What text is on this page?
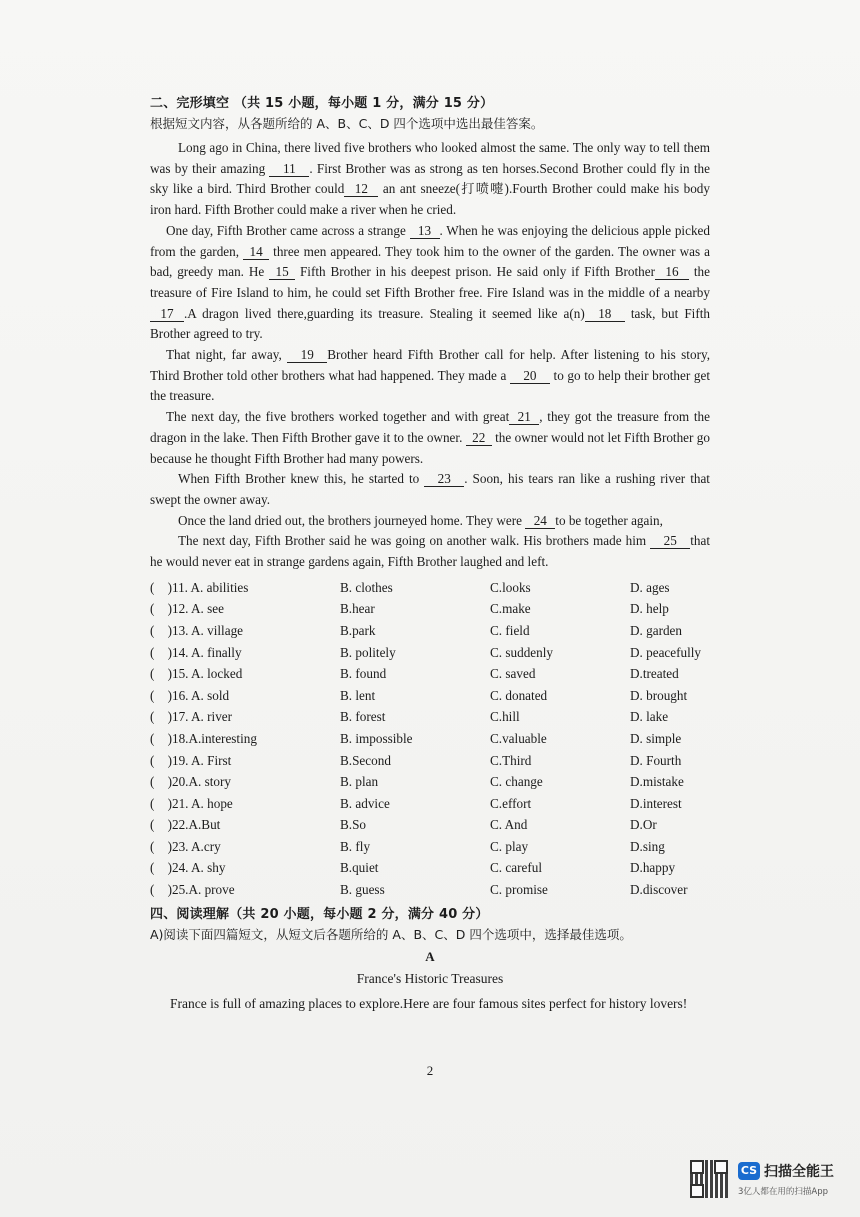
二、完形填空 （共 15 小题，每小题 1 分，满分 15 分）
根据短文内容，从各题所给的 A、B、C、D 四个选项中选出最佳答案。

Long ago in China, there lived five brothers who looked almost the same. The only way to tell them was by their amazing 11 . First Brother was as strong as ten horses.Second Brother could fly in the sky like a bird. Third Brother could 12 an ant sneeze(打喷嚏).Fourth Brother could make his body iron hard. Fifth Brother could make a river when he cried.

One day, Fifth Brother came across a strange 13 . When he was enjoying the delicious apple picked from the garden, 14 three men appeared. They took him to the owner of the garden. The owner was a bad, greedy man. He 15 Fifth Brother in his deepest prison. He said only if Fifth Brother 16 the treasure of Fire Island to him, he could set Fifth Brother free. Fire Island was in the middle of a nearby 17 .A dragon lived there,guarding its treasure. Stealing it seemed like a(n) 18 task, but Fifth Brother agreed to try.

That night, far away, 19 Brother heard Fifth Brother call for help. After listening to his story, Third Brother told other brothers what had happened. They made a 20 to go to help their brother get the treasure.

The next day, the five brothers worked together and with great 21 , they got the treasure from the dragon in the lake. Then Fifth Brother gave it to the owner. 22 the owner would not let Fifth Brother go because he thought Fifth Brother had many powers.

When Fifth Brother knew this, he started to 23 . Soon, his tears ran like a rushing river that swept the owner away.

Once the land dried out, the brothers journeyed home. They were 24 to be together again,

The next day, Fifth Brother said he was going on another walk. His brothers made him 25 that he would never eat in strange gardens again, Fifth Brother laughed and left.

(　)11. A. abilities	B. clothes	C.looks	D. ages
(　)12. A. see	B.hear	C.make	D. help
(　)13. A. village	B.park	C. field	D. garden
(　)14. A. finally	B. politely	C. suddenly	D. peacefully
(　)15. A. locked	B. found	C. saved	D.treated
(　)16. A. sold	B. lent	C. donated	D. brought
(　)17. A. river	B. forest	C.hill	D. lake
(　)18.A.interesting	B. impossible	C.valuable	D. simple
(　)19. A. First	B.Second	C.Third	D. Fourth
(　)20.A. story	B. plan	C. change	D.mistake
(　)21. A. hope	B. advice	C.effort	D.interest
(　)22.A.But	B.So	C. And	D.Or
(　)23. A.cry	B. fly	C. play	D.sing
(　)24. A. shy	B.quiet	C. careful	D.happy
(　)25.A. prove	B. guess	C. promise	D.discover
四、阅读理解（共 20 小题，每小题 2 分，满分 40 分）
A)阅读下面四篇短文，从短文后各题所给的 A、B、C、D 四个选项中，选择最佳选项。
A
France's Historic Treasures
France is full of amazing places to explore.Here are four famous sites perfect for history lovers!
2
CS 扫描全能王
3亿人都在用的扫描App
